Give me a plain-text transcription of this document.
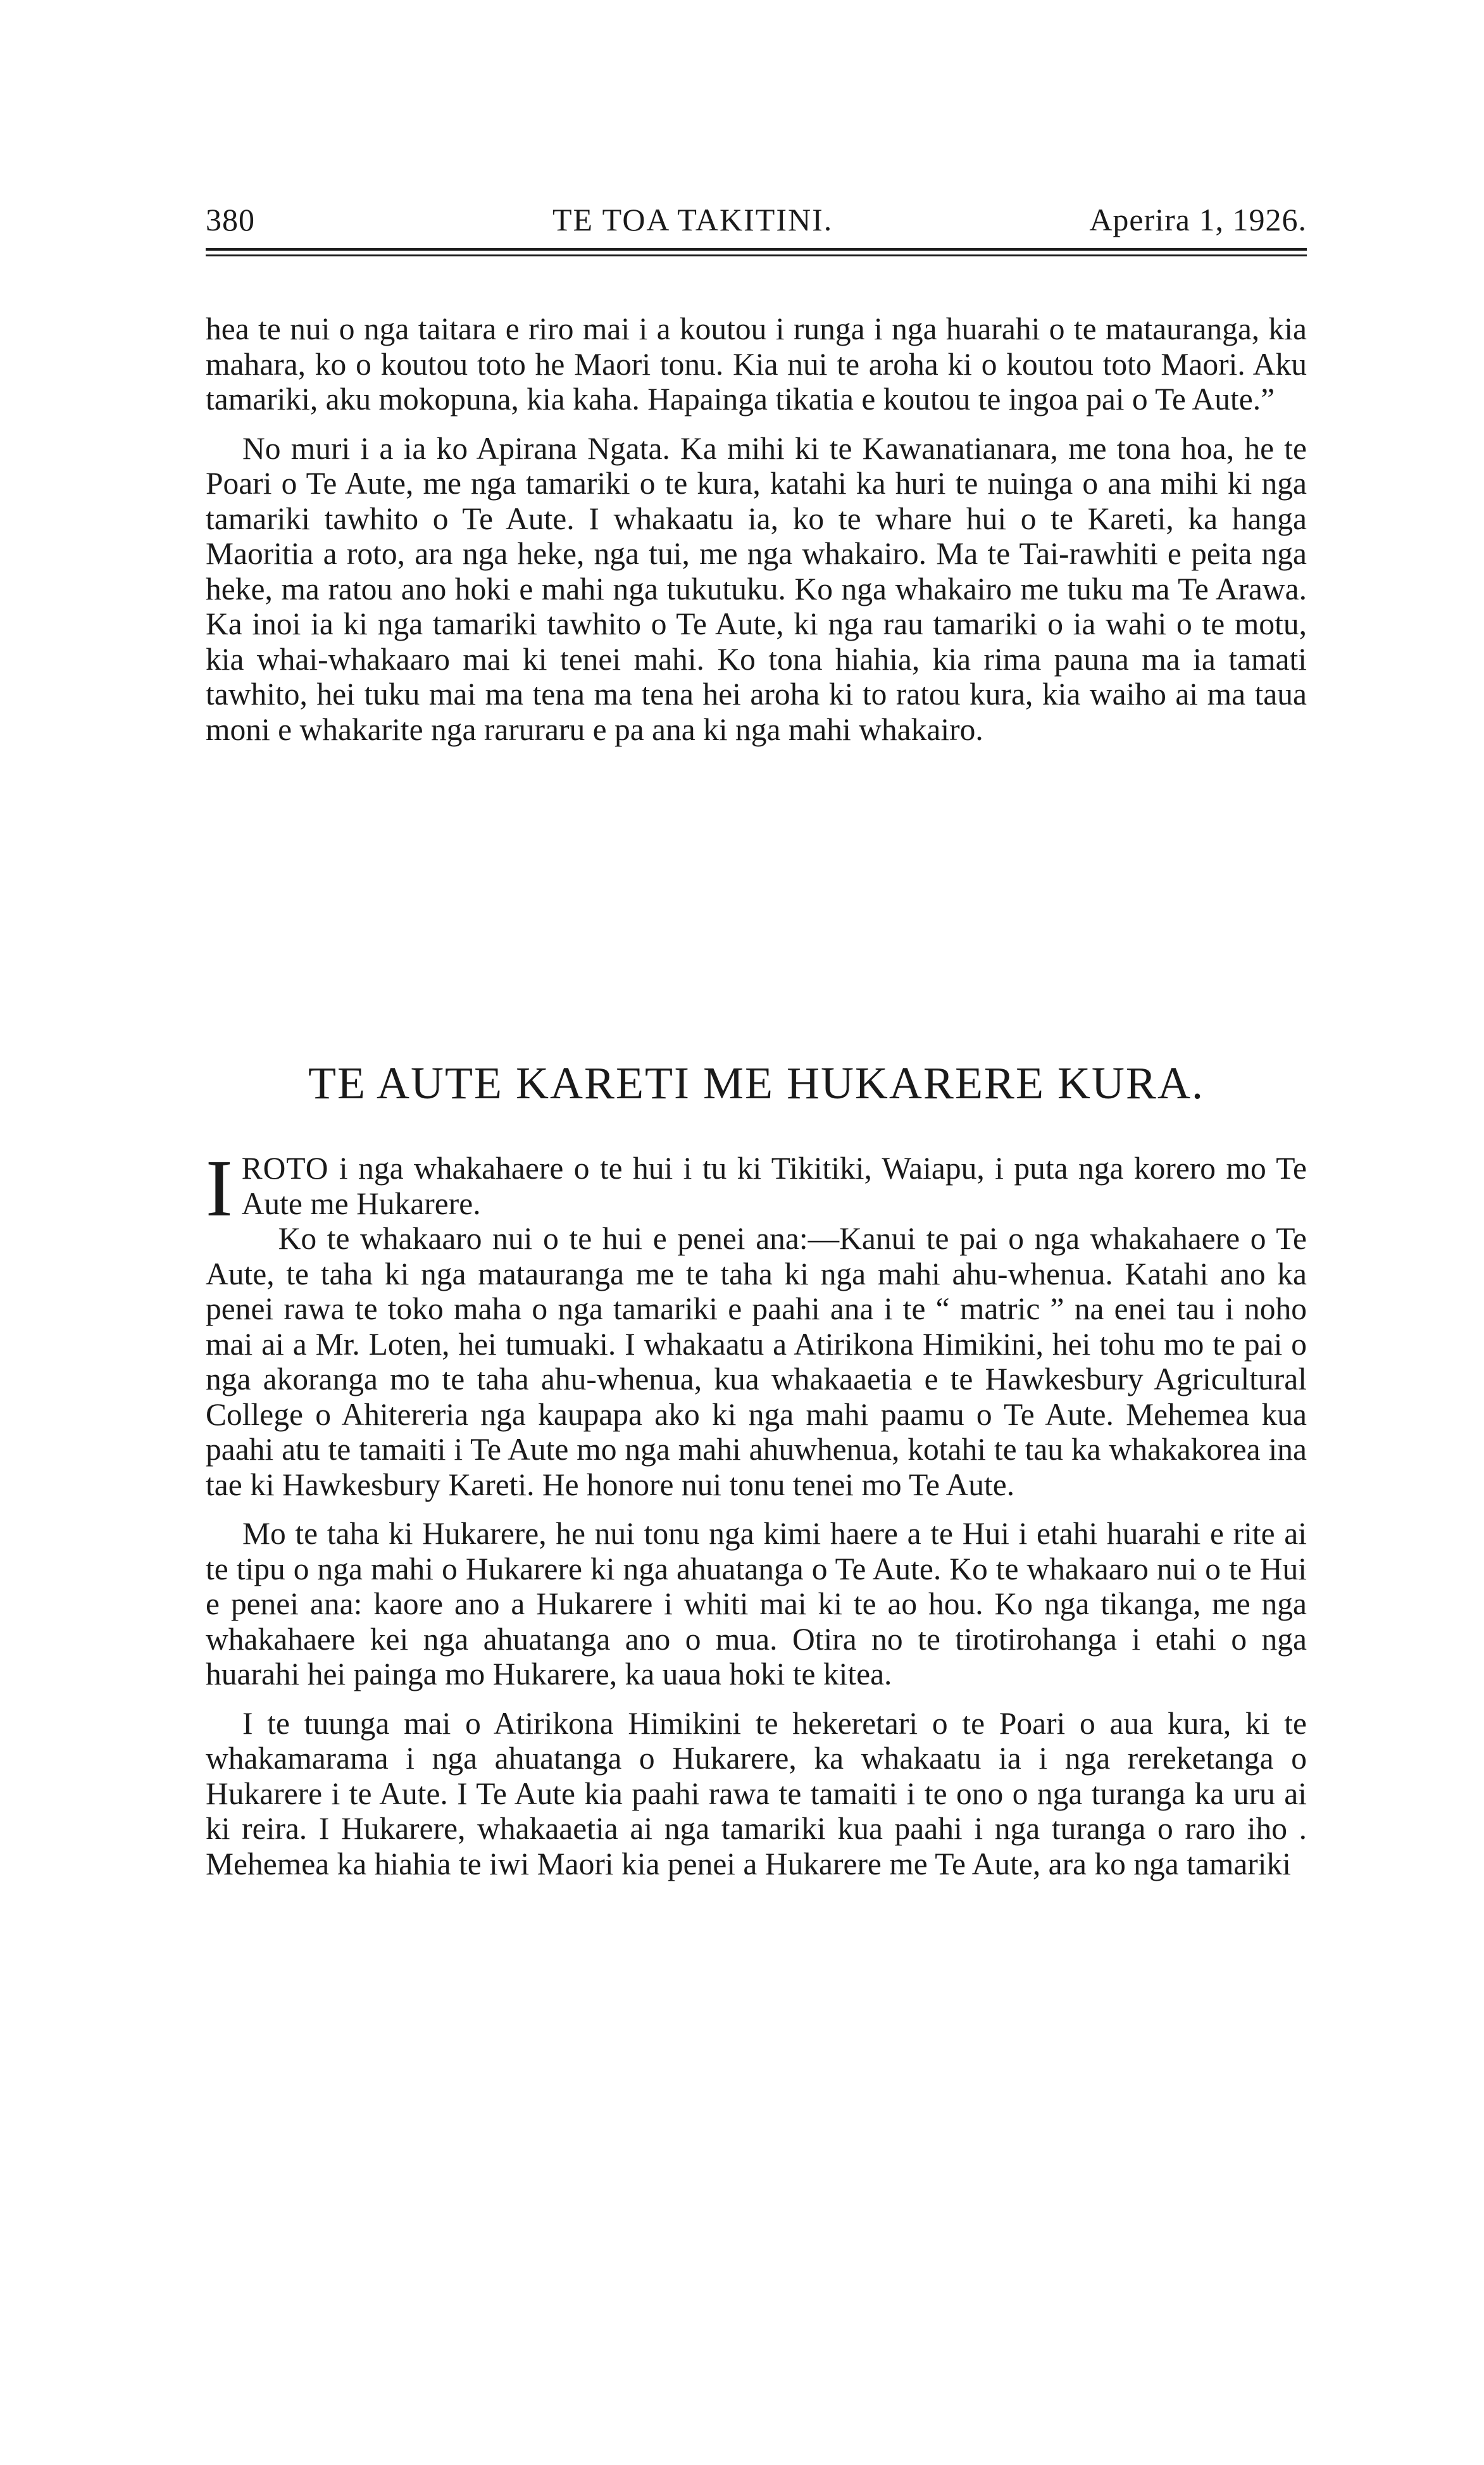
380	TE TOA TAKITINI.	Aperira 1, 1926.

hea te nui o nga taitara e riro mai i a koutou i runga i nga huarahi o te matauranga, kia mahara, ko o koutou toto he Maori tonu. Kia nui te aroha ki o koutou toto Maori. Aku tamariki, aku mokopuna, kia kaha. Hapainga tikatia e koutou te ingoa pai o Te Aute.”

No muri i a ia ko Apirana Ngata. Ka mihi ki te Kawanatianara, me tona hoa, he te Poari o Te Aute, me nga tamariki o te kura, katahi ka huri te nuinga o ana mihi ki nga tamariki tawhito o Te Aute. I whakaatu ia, ko te whare hui o te Kareti, ka hanga Maoritia a roto, ara nga heke, nga tui, me nga whakairo. Ma te Tai-rawhiti e peita nga heke, ma ratou ano hoki e mahi nga tukutuku. Ko nga whakairo me tuku ma Te Arawa. Ka inoi ia ki nga tamariki tawhito o Te Aute, ki nga rau tamariki o ia wahi o te motu, kia whai-whakaaro mai ki tenei mahi. Ko tona hiahia, kia rima pauna ma ia tamati tawhito, hei tuku mai ma tena ma tena hei aroha ki to ratou kura, kia waiho ai ma taua moni e whakarite nga raruraru e pa ana ki nga mahi whakairo.

TE AUTE KARETI ME HUKARERE KURA.

IROTO i nga whakahaere o te hui i tu ki Tikitiki, Waiapu, i puta nga korero mo Te Aute me Hukarere.

Ko te whakaaro nui o te hui e penei ana:—Kanui te pai o nga whakahaere o Te Aute, te taha ki nga matauranga me te taha ki nga mahi ahu-whenua. Katahi ano ka penei rawa te toko maha o nga tamariki e paahi ana i te “ matric ” na enei tau i noho mai ai a Mr. Loten, hei tumuaki. I whakaatu a Atirikona Himikini, hei tohu mo te pai o nga akoranga mo te taha ahu-whenua, kua whakaaetia e te Hawkesbury Agricultural College o Ahitereria nga kaupapa ako ki nga mahi paamu o Te Aute. Mehemea kua paahi atu te tamaiti i Te Aute mo nga mahi ahuwhenua, kotahi te tau ka whakakorea ina tae ki Hawkesbury Kareti. He honore nui tonu tenei mo Te Aute.

Mo te taha ki Hukarere, he nui tonu nga kimi haere a te Hui i etahi huarahi e rite ai te tipu o nga mahi o Hukarere ki nga ahuatanga o Te Aute. Ko te whakaaro nui o te Hui e penei ana: kaore ano a Hukarere i whiti mai ki te ao hou. Ko nga tikanga, me nga whakahaere kei nga ahuatanga ano o mua. Otira no te tirotirohanga i etahi o nga huarahi hei painga mo Hukarere, ka uaua hoki te kitea.

I te tuunga mai o Atirikona Himikini te hekeretari o te Poari o aua kura, ki te whakamarama i nga ahuatanga o Hukarere, ka whakaatu ia i nga rereketanga o Hukarere i te Aute. I Te Aute kia paahi rawa te tamaiti i te ono o nga turanga ka uru ai ki reira. I Hukarere, whakaaetia ai nga tamariki kua paahi i nga turanga o raro iho . Mehemea ka hiahia te iwi Maori kia penei a Hukarere me Te Aute, ara ko nga tamariki
